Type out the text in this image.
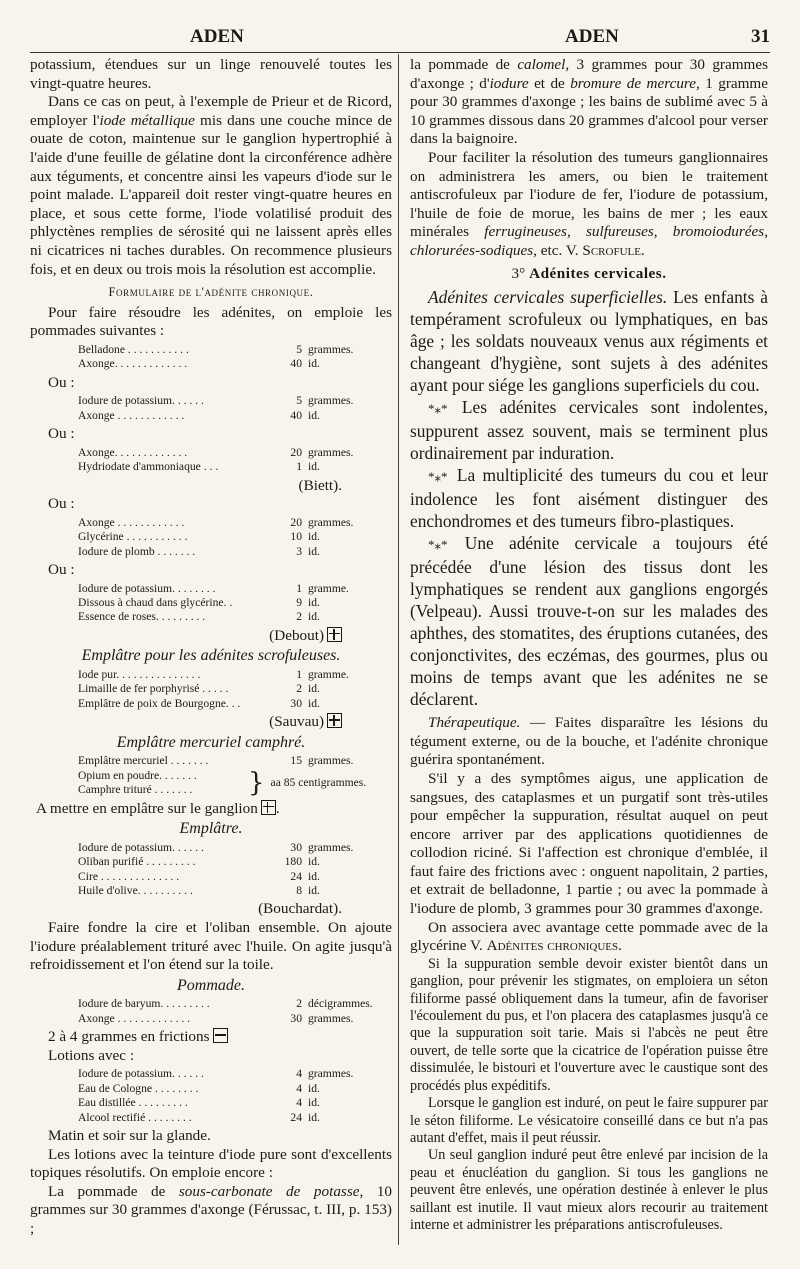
ADEN	ADEN	31

potassium, étendues sur un linge renouvelé toutes les vingt-quatre heures.

Dans ce cas on peut, à l'exemple de Prieur et de Ricord, employer l'iode métallique mis dans une couche mince de ouate de coton, maintenue sur le ganglion hypertrophié à l'aide d'une feuille de gélatine dont la circonférence adhère aux téguments, et concentre ainsi les vapeurs d'iode sur le point malade. L'appareil doit rester vingt-quatre heures en place, et sous cette forme, l'iode volatilisé produit des phlyctènes remplies de sérosité qui ne laissent après elles ni cicatrices ni taches durables. On recommence plusieurs fois, et en deux ou trois mois la résolution est accomplie.

Formulaire de l'adénite chronique.

Pour faire résoudre les adénites, on emploie les pommades suivantes :

Belladone . . . . . . . . . . .	5 grammes.
Axonge. . . . . . . . . . . . .	40 id.
Ou :
Iodure de potassium. . . . . .	5 grammes.
Axonge . . . . . . . . . . . .	40 id.
Ou :
Axonge. . . . . . . . . . . . .	20 grammes.
Hydriodate d'ammoniaque . . .	1 id.
(Biett).
Ou :
Axonge . . . . . . . . . . . .	20 grammes.
Glycérine . . . . . . . . . . .	10 id.
Iodure de plomb . . . . . . .	3 id.
Ou :
Iodure de potassium. . . . . . . .	1 gramme.
Dissous à chaud dans glycérine. .	9 id.
Essence de roses. . . . . . . . .	2 id.
(Debout)
Emplâtre pour les adénites scrofuleuses.
Iode pur. . . . . . . . . . . . . . .	1 gramme.
Limaille de fer porphyrisé . . . . .	2 id.
Emplâtre de poix de Bourgogne. . .	30 id.
(Sauvau)
Emplâtre mercuriel camphré.
Emplâtre mercuriel . . . . . . .	15 grammes.
Opium en poudre. . . . . . .
Camphre trituré . . . . . . .	} aa 85 centigrammes.

A mettre en emplâtre sur le ganglion .

Emplâtre.
Iodure de potassium. . . . . .	30 grammes.
Oliban purifié . . . . . . . . .	180 id.
Cire . . . . . . . . . . . . . .	24 id.
Huile d'olive. . . . . . . . . .	8 id.
(Bouchardat).

Faire fondre la cire et l'oliban ensemble. On ajoute l'iodure préalablement trituré avec l'huile. On agite jusqu'à refroidissement et l'on étend sur la toile.

Pommade.
Iodure de baryum. . . . . . . . .	2 décigrammes.
Axonge . . . . . . . . . . . . .	30 grammes.

2 à 4 grammes en frictions

Lotions avec :

Iodure de potassium. . . . . .	4 grammes.
Eau de Cologne . . . . . . . .	4 id.
Eau distillée . . . . . . . . .	4 id.
Alcool rectifié . . . . . . . .	24 id.

Matin et soir sur la glande.

Les lotions avec la teinture d'iode pure sont d'excellents topiques résolutifs. On emploie encore :

La pommade de sous-carbonate de potasse, 10 grammes sur 30 grammes d'axonge (Férussac, t. III, p. 153) ;

la pommade de calomel, 3 grammes pour 30 grammes d'axonge ; d'iodure et de bromure de mercure, 1 gramme pour 30 grammes d'axonge ; les bains de sublimé avec 5 à 10 grammes dissous dans 20 grammes d'alcool pour verser dans la baignoire.

Pour faciliter la résolution des tumeurs ganglionnaires on administrera les amers, ou bien le traitement antiscrofuleux par l'iodure de fer, l'iodure de potassium, l'huile de foie de morue, les bains de mer ; les eaux minérales ferrugineuses, sulfureuses, bromoiodurées, chlorurées-sodiques, etc. V. Scrofule.

3° Adénites cervicales.

Adénites cervicales superficielles. Les enfants à tempérament scrofuleux ou lymphatiques, en bas âge ; les soldats nouveaux venus aux régiments et changeant d'hygiène, sont sujets à des adénites ayant pour siége les ganglions superficiels du cou.

*⁎* Les adénites cervicales sont indolentes, suppurent assez souvent, mais se terminent plus ordinairement par induration.

*⁎* La multiplicité des tumeurs du cou et leur indolence les font aisément distinguer des enchondromes et des tumeurs fibro-plastiques.

*⁎* Une adénite cervicale a toujours été précédée d'une lésion des tissus dont les lymphatiques se rendent aux ganglions engorgés (Velpeau). Aussi trouve-t-on sur les malades des aphthes, des stomatites, des éruptions cutanées, des conjonctivites, des eczémas, des gourmes, plus ou moins de temps avant que les adénites ne se déclarent.

Thérapeutique. — Faites disparaître les lésions du tégument externe, ou de la bouche, et l'adénite chronique guérira spontanément.

S'il y a des symptômes aigus, une application de sangsues, des cataplasmes et un purgatif sont très-utiles pour empêcher la suppuration, résultat auquel on peut encore arriver par des applications quotidiennes de collodion riciné. Si l'affection est chronique d'emblée, il faut faire des frictions avec : onguent napolitain, 2 parties, et extrait de belladonne, 1 partie ; ou avec la pommade à l'iodure de plomb, 3 grammes pour 30 grammes d'axonge.

On associera avec avantage cette pommade avec de la glycérine V. Adénites chroniques.

Si la suppuration semble devoir exister bientôt dans un ganglion, pour prévenir les stigmates, on emploiera un séton filiforme passé obliquement dans la tumeur, afin de favoriser l'écoulement du pus, et l'on placera des cataplasmes jusqu'à ce que la suppuration soit tarie. Mais si l'abcès ne peut être ouvert, de telle sorte que la cicatrice de l'opération puisse être dissimulée, le bistouri et l'ouverture avec le caustique sont des procédés plus expéditifs.

Lorsque le ganglion est induré, on peut le faire suppurer par le séton filiforme. Le vésicatoire conseillé dans ce but n'a pas autant d'effet, mais il peut réussir.

Un seul ganglion induré peut être enlevé par incision de la peau et énucléation du ganglion. Si tous les ganglions ne peuvent être enlevés, une opération destinée à enlever le plus saillant est inutile. Il vaut mieux alors recourir au traitement interne et administrer les préparations antiscrofuleuses.
